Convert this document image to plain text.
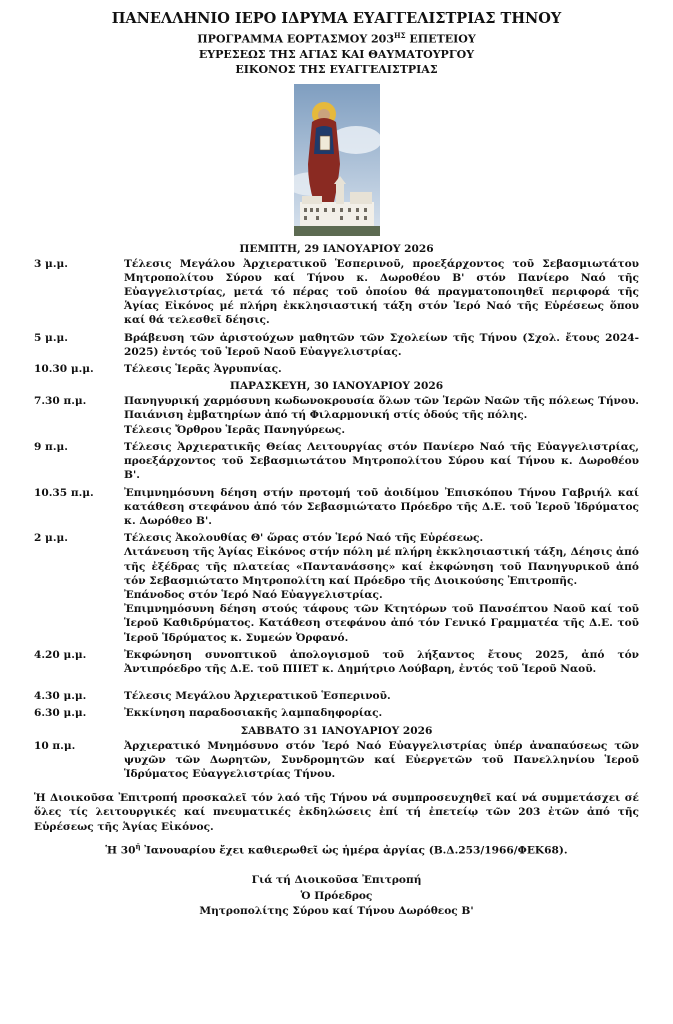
ΠΑΝΕΛΛΗΝΙΟ ΙΕΡΟ ΙΔΡΥΜΑ ΕΥΑΓΓΕΛΙΣΤΡΙΑΣ ΤΗΝΟΥ
ΠΡΟΓΡΑΜΜΑ ΕΟΡΤΑΣΜΟΥ $203^{H\Sigma}$ ΕΠΕΤΕΙΟΥ
ΕΥΡΕΣΕΩΣ ΤΗΣ ΑΓΙΑΣ ΚΑΙ ΘΑΥΜΑΤΟΥΡΓΟΥ
ΕΙΚΟΝΟΣ ΤΗΣ ΕΥΑΓΓΕΛΙΣΤΡΙΑΣ
ΠΕΜΠΤΗ, 29 ΙΑΝΟΥΑΡΙΟΥ 2026
3 μ.μ.	Τέλεσις Μεγάλου Ἀρχιερατικοῦ Ἑσπερινοῦ, προεξάρχοντος τοῦ Σεβασμιωτάτου Μητροπολίτου Σύρου καί Τήνου κ. Δωροθέου Β' στόν Πανίερο Ναό τῆς Εὐαγγελιστρίας, μετά τό πέρας τοῦ ὁποίου θά πραγματοποιηθεῖ περιφορά τῆς Ἁγίας Εἰκόνος μέ πλήρη ἐκκλησιαστική τάξη στόν Ἱερό Ναό τῆς Εὑρέσεως ὅπου καί θά τελεσθεῖ δέησις.

5 μ.μ.	Βράβευση τῶν ἀριστούχων μαθητῶν τῶν Σχολείων τῆς Τήνου (Σχολ. ἔτους 2024-2025) ἐντός τοῦ Ἱεροῦ Ναοῦ Εὐαγγελιστρίας.

10.30 μ.μ.	Τέλεσις Ἱερᾶς Ἀγρυπνίας.

ΠΑΡΑΣΚΕΥΗ, 30 ΙΑΝΟΥΑΡΙΟΥ 2026
7.30 π.μ.	Πανηγυρική χαρμόσυνη κωδωνοκρουσία ὅλων τῶν Ἱερῶν Ναῶν τῆς πόλεως Τήνου. Παιάνιση ἐμβατηρίων ἀπό τή Φιλαρμονική στίς ὁδούς τῆς πόλης.

Τέλεσις Ὄρθρου Ἱερᾶς Πανηγύρεως.

9 π.μ.	Τέλεσις Ἀρχιερατικῆς Θείας Λειτουργίας στόν Πανίερο Ναό τῆς Εὐαγγελιστρίας, προεξάρχοντος τοῦ Σεβασμιωτάτου Μητροπολίτου Σύρου καί Τήνου κ. Δωροθέου Β'.

10.35 π.μ.	Ἐπιμνημόσυνη δέηση στήν προτομή τοῦ ἀοιδίμου Ἐπισκόπου Τήνου Γαβριήλ καί κατάθεση στεφάνου ἀπό τόν Σεβασμιώτατο Πρόεδρο τῆς Δ.Ε. τοῦ Ἱεροῦ Ἱδρύματος κ. Δωρόθεο Β'.

2 μ.μ.	Τέλεσις Ἀκολουθίας Θ' ὥρας στόν Ἱερό Ναό τῆς Εὑρέσεως.

Λιτάνευση τῆς Ἁγίας Εἰκόνος στήν πόλη μέ πλήρη ἐκκλησιαστική τάξη, Δέησις ἀπό τῆς ἐξέδρας τῆς πλατείας «Παντανάσσης» καί ἐκφώνηση τοῦ Πανηγυρικοῦ ἀπό τόν Σεβασμιώτατο Μητροπολίτη καί Πρόεδρο τῆς Διοικούσης Ἐπιτροπῆς.

Ἐπάνοδος στόν Ἱερό Ναό Εὐαγγελιστρίας.

Ἐπιμνημόσυνη δέηση στούς τάφους τῶν Κτητόρων τοῦ Πανσέπτου Ναοῦ καί τοῦ Ἱεροῦ Καθιδρύματος. Κατάθεση στεφάνου ἀπό τόν Γενικό Γραμματέα τῆς Δ.Ε. τοῦ Ἱεροῦ Ἱδρύματος κ. Συμεών Ὀρφανό.

4.20 μ.μ.	Ἐκφώνηση συνοπτικοῦ ἀπολογισμοῦ τοῦ λήξαντος ἔτους 2025, ἀπό τόν Ἀντιπρόεδρο τῆς Δ.Ε. τοῦ ΠΙΙΕΤ κ. Δημήτριο Λούβαρη, ἐντός τοῦ Ἱεροῦ Ναοῦ.

4.30 μ.μ.	Τέλεσις Μεγάλου Ἀρχιερατικοῦ Ἑσπερινοῦ.

6.30 μ.μ.	Ἐκκίνηση παραδοσιακῆς λαμπαδηφορίας.

ΣΑΒΒΑΤΟ 31 ΙΑΝΟΥΑΡΙΟΥ 2026
10 π.μ.	Ἀρχιερατικό Μνημόσυνο στόν Ἱερό Ναό Εὐαγγελιστρίας ὑπέρ ἀναπαύσεως τῶν ψυχῶν τῶν Δωρητῶν, Συνδρομητῶν καί Εὐεργετῶν τοῦ Πανελληνίου Ἱεροῦ Ἱδρύματος Εὐαγγελιστρίας Τήνου.

Ἡ Διοικοῦσα Ἐπιτροπή προσκαλεῖ τόν λαό τῆς Τήνου νά συμπροσευχηθεῖ καί νά συμμετάσχει σέ ὅλες τίς λειτουργικές καί πνευματικές ἐκδηλώσεις ἐπί τή ἐπετείῳ τῶν 203 ἐτῶν ἀπό τῆς Εὑρέσεως τῆς Ἁγίας Εἰκόνος.
Ἡ $30^ῆ$ Ἰανουαρίου ἔχει καθιερωθεῖ ὡς ἡμέρα ἀργίας (Β.Δ.253/1966/ΦΕΚ68).
Γιά τή Διοικοῦσα Ἐπιτροπή
Ὁ Πρόεδρος
Μητροπολίτης Σύρου καί Τήνου Δωρόθεος Β'
